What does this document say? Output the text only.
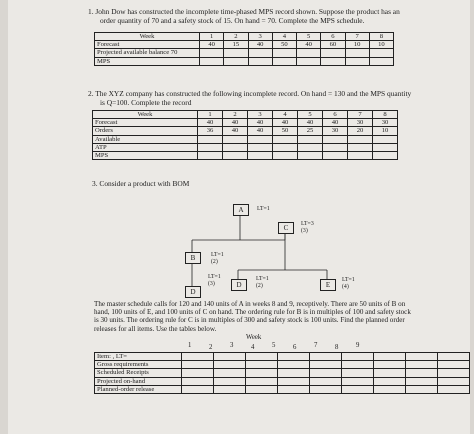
1. John Dow has constructed the incomplete time-phased MPS record shown. Suppose the product has an
order quantity of 70 and a safety stock of 15. On hand = 70. Complete the MPS schedule.
Week	1	2	3	4	5	6	7	8
Forecast	40	15	40	50	40	60	10	10
Projected available balance 70								
MPS								
2. The XYZ company has constructed the following incomplete record. On hand = 130 and the MPS quantity
is Q=100. Complete the record
Week	1	2	3	4	5	6	7	8
Forecast	40	40	40	40	40	40	30	30
Orders	36	40	40	50	25	30	20	10
Available								
ATP								
MPS								
3. Consider a product with BOM
A	LT=1
C	LT=3
(3)
B	LT=1
(2)
LT=1
(3)	D
LT=1
(2)	E
LT=1
(4)
D
The master schedule calls for 120 and 140 units of A in weeks 8 and 9, receptively. There are 50 units of B on
hand, 100 units of E, and 100 units of C on hand. The ordering rule for B is in multiples of 100 and safety stock
is 30 units. The ordering rule for C is in multiples of 300 and safety stock is 100 units. Find the planned order
releases for all items. Use the tables below.
Week
1	2	3	4	5	6	7	8	9
Item: , LT=									
Gross requirements									
Scheduled Receipts									
Projected on-hand									
Planned-order release									
